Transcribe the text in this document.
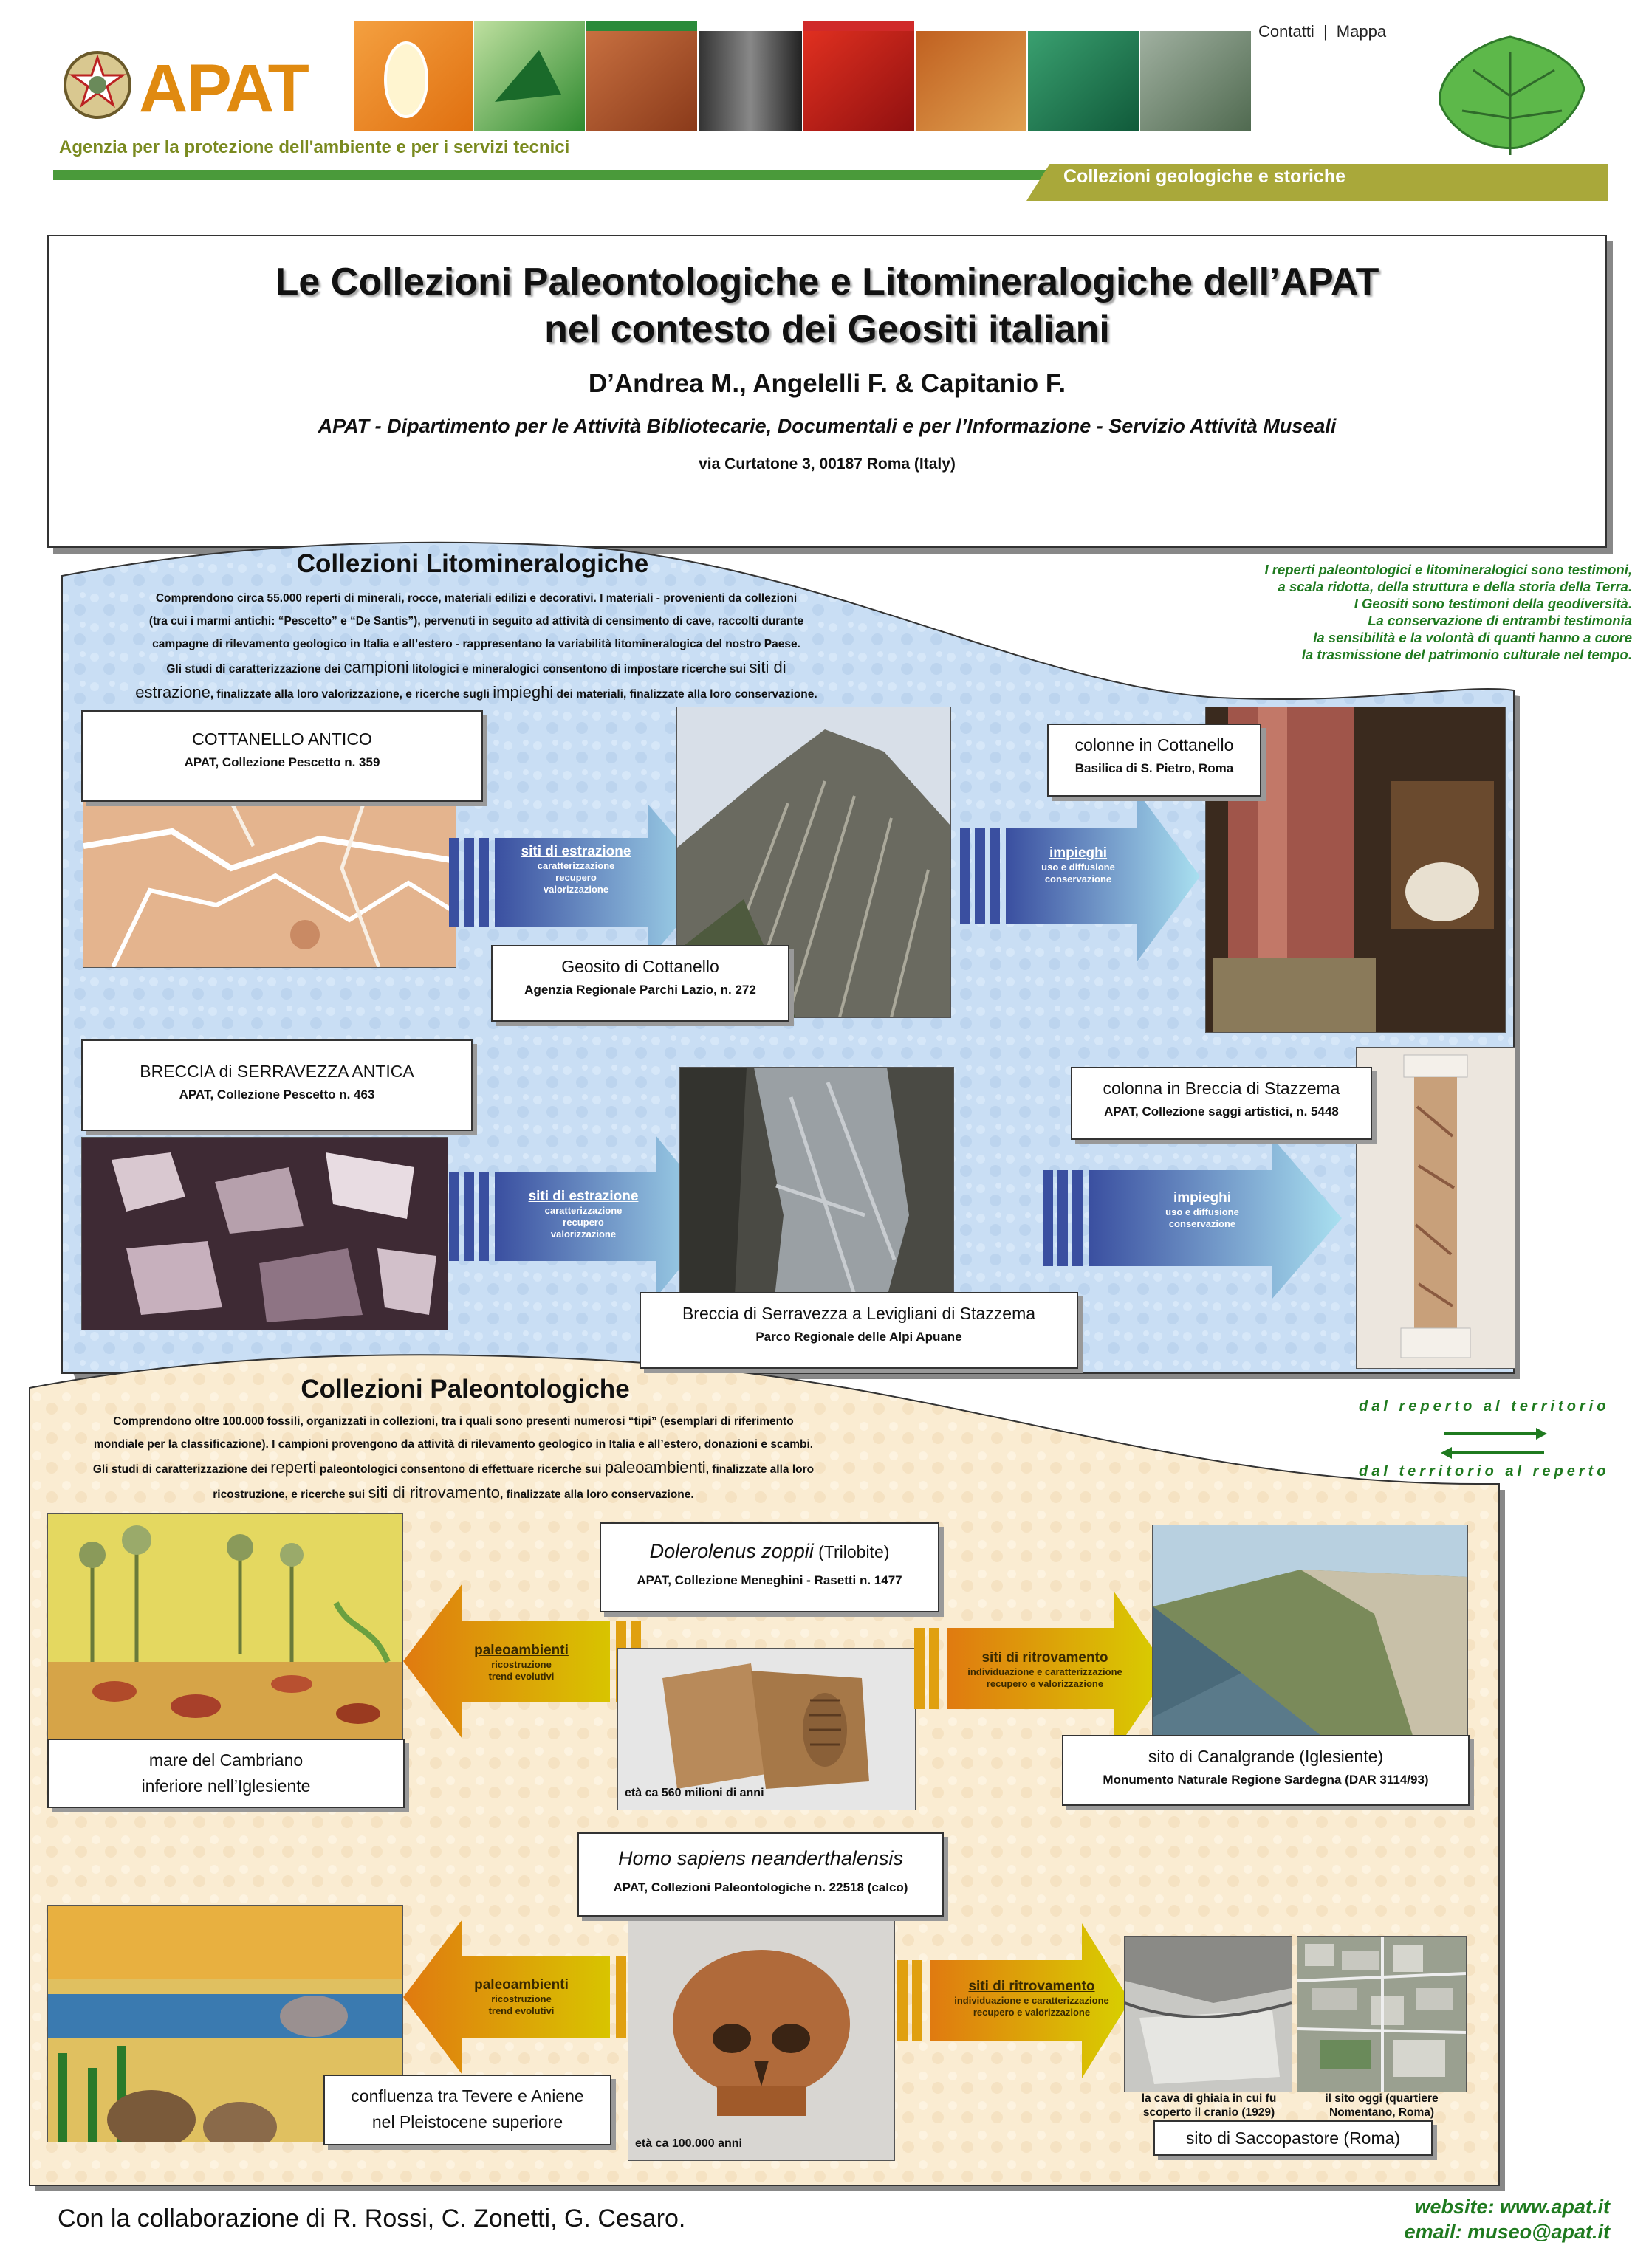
APAT
Agenzia per la protezione dell'ambiente e per i servizi tecnici
Contatti | Mappa
Collezioni geologiche e storiche
Le Collezioni Paleontologiche e Litomineralogiche dell’APAT
nel contesto dei Geositi italiani
D’Andrea M., Angelelli F. & Capitanio F.
APAT - Dipartimento per le Attività Bibliotecarie, Documentali e per l’Informazione - Servizio Attività Museali
via Curtatone 3, 00187 Roma (Italy)
I reperti paleontologici e litomineralogici sono testimoni,
a scala ridotta, della struttura e della storia della Terra.
I Geositi sono testimoni della geodiversità.
La conservazione di entrambi testimonia
la sensibilità e la volontà di quanti hanno a cuore
la trasmissione del patrimonio culturale nel tempo.
Collezioni Litomineralogiche
Comprendono circa 55.000 reperti di minerali, rocce, materiali edilizi e decorativi. I materiali - provenienti da collezioni
(tra cui i marmi antichi: “Pescetto” e “De Santis”), pervenuti in seguito ad attività di censimento di cave, raccolti durante
campagne di rilevamento geologico in Italia e all’estero - rappresentano la variabilità litomineralogica del nostro Paese.
Gli studi di caratterizzazione dei campioni litologici e mineralogici consentono di impostare ricerche sui siti di
estrazione, finalizzate alla loro valorizzazione, e ricerche sugli impieghi dei materiali, finalizzate alla loro conservazione.
COTTANELLO ANTICO
APAT, Collezione Pescetto n. 359
siti di estrazione
caratterizzazione
recupero
valorizzazione
Geosito di Cottanello
Agenzia Regionale Parchi Lazio, n. 272
impieghi
uso e diffusione
conservazione
colonne in Cottanello
Basilica di S. Pietro, Roma
BRECCIA di SERRAVEZZA ANTICA
APAT, Collezione Pescetto n. 463
siti di estrazione
caratterizzazione
recupero
valorizzazione
Breccia di Serravezza a Levigliani di Stazzema
Parco Regionale delle Alpi Apuane
impieghi
uso e diffusione
conservazione
colonna in Breccia di Stazzema
APAT, Collezione saggi artistici, n. 5448
dal reperto al territorio
dal territorio al reperto
Collezioni Paleontologiche
Comprendono oltre 100.000 fossili, organizzati in collezioni, tra i quali sono presenti numerosi “tipi” (esemplari di riferimento
mondiale per la classificazione). I campioni provengono da attività di rilevamento geologico in Italia e all’estero, donazioni e scambi.
Gli studi di caratterizzazione dei reperti paleontologici consentono di effettuare ricerche sui paleoambienti, finalizzate alla loro
ricostruzione, e ricerche sui siti di ritrovamento, finalizzate alla loro conservazione.
mare del Cambriano
inferiore nell’Iglesiente
paleoambienti
ricostruzione
trend evolutivi
età ca 560 milioni di anni
Dolerolenus zoppii (Trilobite)
APAT, Collezione Meneghini - Rasetti n. 1477
siti di ritrovamento
individuazione e caratterizzazione
recupero e valorizzazione
sito di Canalgrande (Iglesiente)
Monumento Naturale Regione Sardegna (DAR 3114/93)
confluenza tra Tevere e Aniene
nel Pleistocene superiore
paleoambienti
ricostruzione
trend evolutivi
età ca 100.000 anni
Homo sapiens neanderthalensis
APAT, Collezioni Paleontologiche n. 22518 (calco)
siti di ritrovamento
individuazione e caratterizzazione
recupero e valorizzazione
la cava di ghiaia in cui fu scoperto il cranio (1929)
il sito oggi (quartiere Nomentano, Roma)
sito di Saccopastore (Roma)
Con la collaborazione di R. Rossi, C. Zonetti, G. Cesaro.	website: www.apat.it
email: museo@apat.it
